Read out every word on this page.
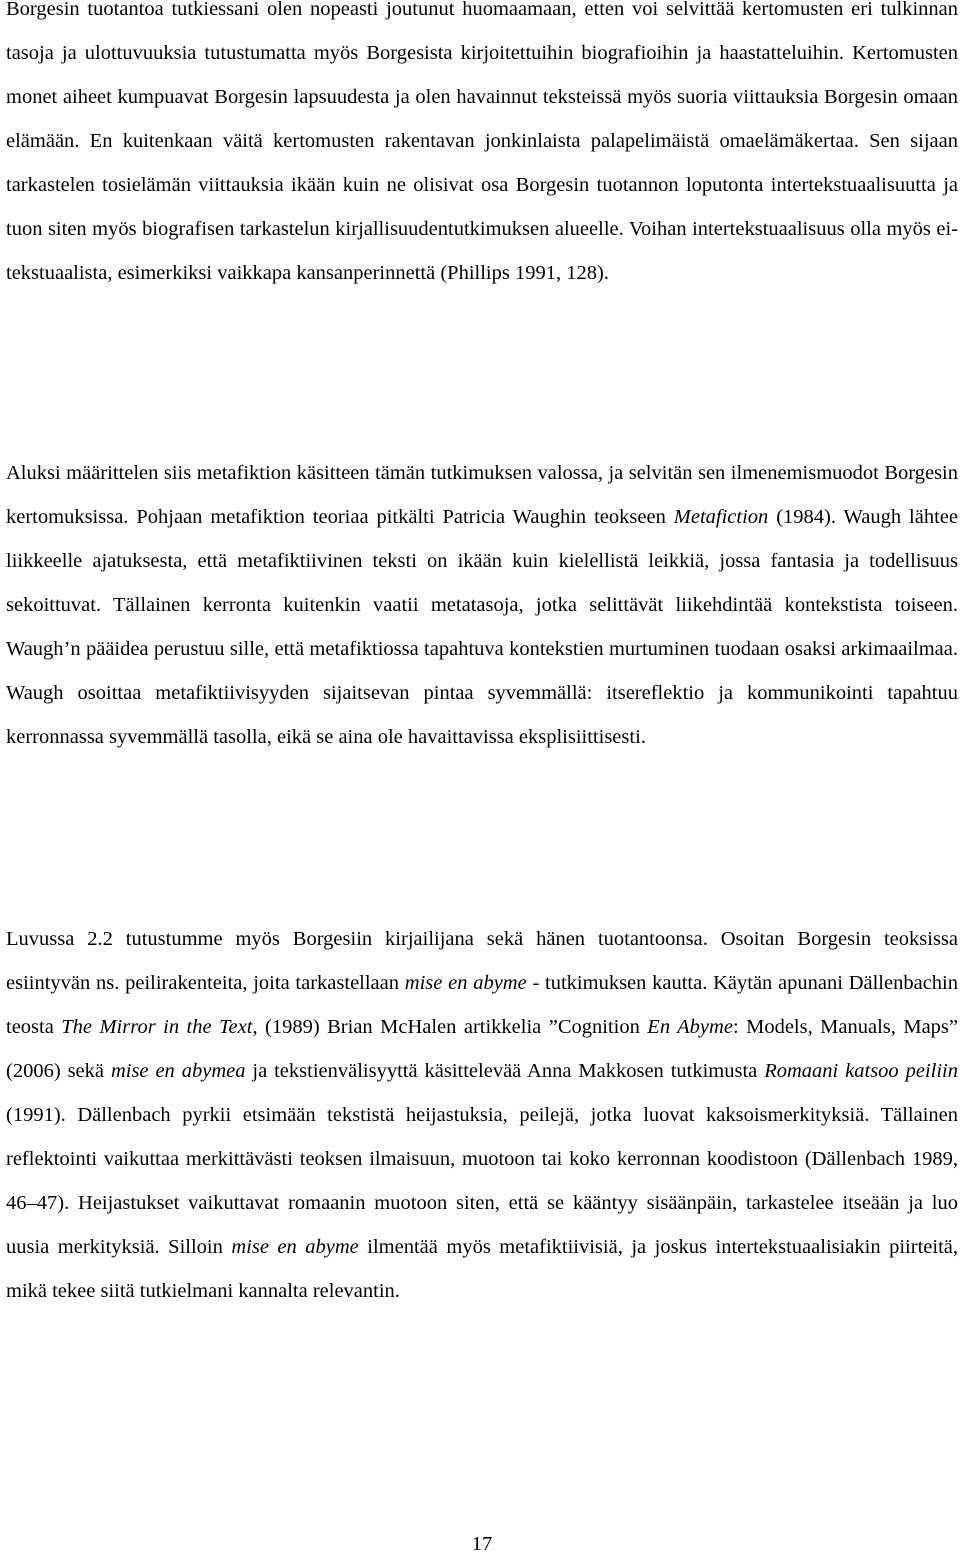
Borgesin tuotantoa tutkiessani olen nopeasti joutunut huomaamaan, etten voi selvittää kertomusten eri tulkinnan tasoja ja ulottuvuuksia tutustumatta myös Borgesista kirjoitettuihin biografioihin ja haastatteluihin. Kertomusten monet aiheet kumpuavat Borgesin lapsuudesta ja olen havainnut teksteissä myös suoria viittauksia Borgesin omaan elämään. En kuitenkaan väitä kertomusten rakentavan jonkinlaista palapelimäistä omaelämäkertaa. Sen sijaan tarkastelen tosielämän viittauksia ikään kuin ne olisivat osa Borgesin tuotannon loputonta intertekstuaalisuutta ja tuon siten myös biografisen tarkastelun kirjallisuudentutkimuksen alueelle. Voihan intertekstuaalisuus olla myös ei-tekstuaalista, esimerkiksi vaikkapa kansanperinnettä (Phillips 1991, 128).

Aluksi määrittelen siis metafiktion käsitteen tämän tutkimuksen valossa, ja selvitän sen ilmenemismuodot Borgesin kertomuksissa. Pohjaan metafiktion teoriaa pitkälti Patricia Waughin teokseen Metafiction (1984). Waugh lähtee liikkeelle ajatuksesta, että metafiktiivinen teksti on ikään kuin kielellistä leikkiä, jossa fantasia ja todellisuus sekoittuvat. Tällainen kerronta kuitenkin vaatii metatasoja, jotka selittävät liikehdintää kontekstista toiseen. Waugh’n pääidea perustuu sille, että metafiktiossa tapahtuva kontekstien murtuminen tuodaan osaksi arkimaailmaa. Waugh osoittaa metafiktiivisyyden sijaitsevan pintaa syvemmällä: itsereflektio ja kommunikointi tapahtuu kerronnassa syvemmällä tasolla, eikä se aina ole havaittavissa eksplisiittisesti.

Luvussa 2.2 tutustumme myös Borgesiin kirjailijana sekä hänen tuotantoonsa. Osoitan Borgesin teoksissa esiintyvän ns. peilirakenteita, joita tarkastellaan mise en abyme - tutkimuksen kautta. Käytän apunani Dällenbachin teosta The Mirror in the Text, (1989) Brian McHalen artikkelia ”Cognition En Abyme: Models, Manuals, Maps” (2006) sekä mise en abymea ja tekstienvälisyyttä käsittelevää Anna Makkosen tutkimusta Romaani katsoo peiliin (1991). Dällenbach pyrkii etsimään tekstistä heijastuksia, peilejä, jotka luovat kaksoismerkityksiä. Tällainen reflektointi vaikuttaa merkittävästi teoksen ilmaisuun, muotoon tai koko kerronnan koodistoon (Dällenbach 1989, 46–47). Heijastukset vaikuttavat romaanin muotoon siten, että se kääntyy sisäänpäin, tarkastelee itseään ja luo uusia merkityksiä. Silloin mise en abyme ilmentää myös metafiktiivisiä, ja joskus intertekstuaalisiakin piirteitä, mikä tekee siitä tutkielmani kannalta relevantin.

17
